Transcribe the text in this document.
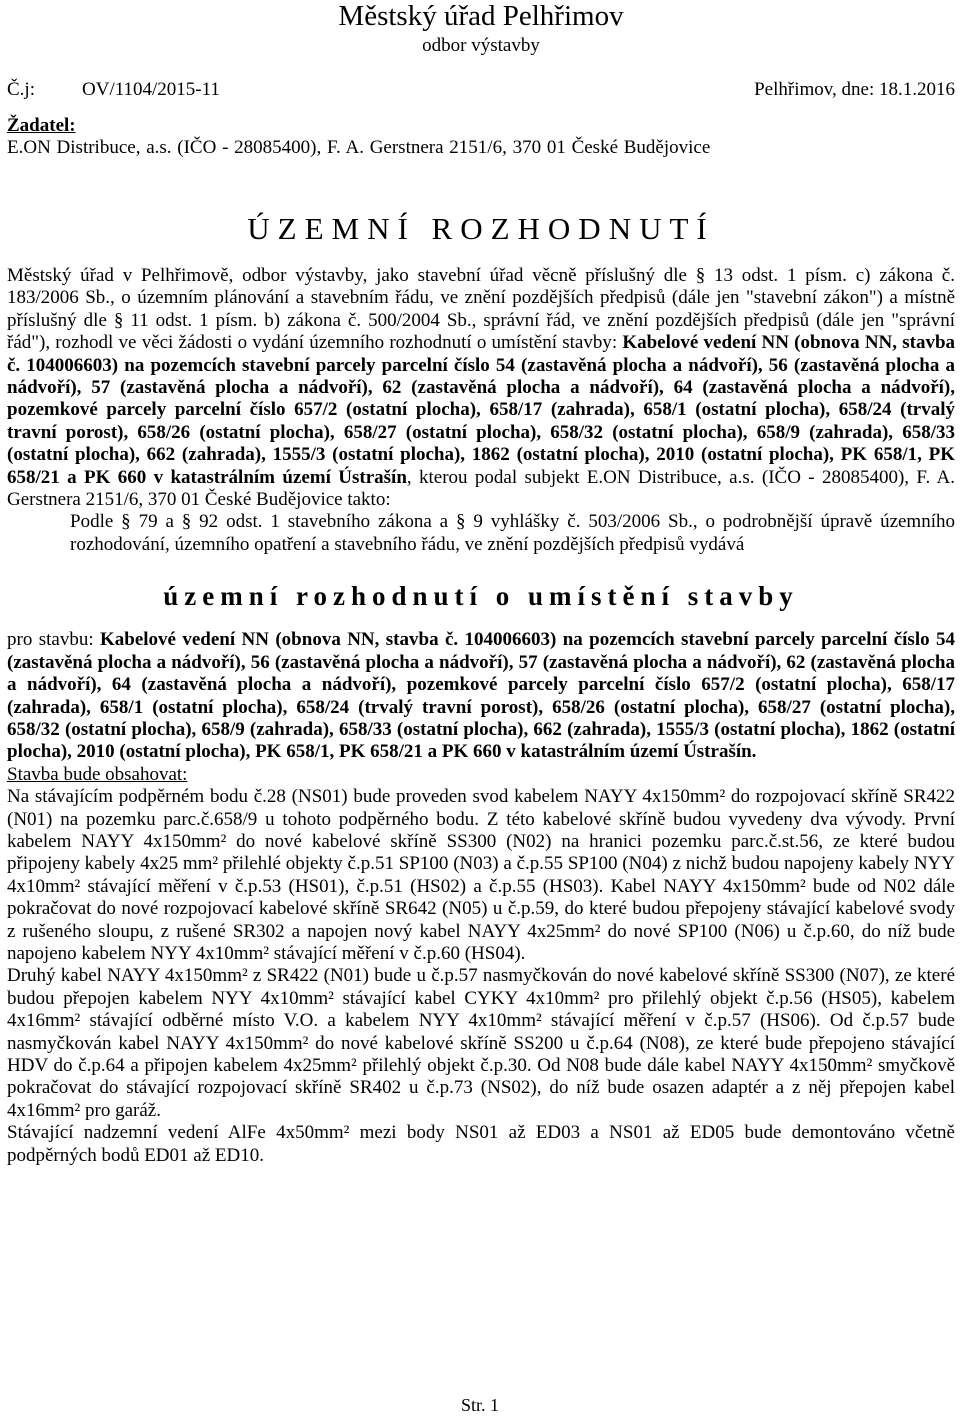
Městský úřad Pelhřimov
odbor výstavby
Č.j: OV/1104/2015-11	Pelhřimov, dne: 18.1.2016
Žadatel:
E.ON Distribuce, a.s. (IČO - 28085400), F. A. Gerstnera 2151/6, 370 01 České Budějovice
ÚZEMNÍ ROZHODNUTÍ
Městský úřad v Pelhřimově, odbor výstavby, jako stavební úřad věcně příslušný dle § 13 odst. 1 písm. c) zákona č. 183/2006 Sb., o územním plánování a stavebním řádu, ve znění pozdějších předpisů (dále jen "stavební zákon") a místně příslušný dle § 11 odst. 1 písm. b) zákona č. 500/2004 Sb., správní řád, ve znění pozdějších předpisů (dále jen "správní řád"), rozhodl ve věci žádosti o vydání územního rozhodnutí o umístění stavby: Kabelové vedení NN (obnova NN, stavba č. 104006603) na pozemcích stavební parcely parcelní číslo 54 (zastavěná plocha a nádvoří), 56 (zastavěná plocha a nádvoří), 57 (zastavěná plocha a nádvoří), 62 (zastavěná plocha a nádvoří), 64 (zastavěná plocha a nádvoří), pozemkové parcely parcelní číslo 657/2 (ostatní plocha), 658/17 (zahrada), 658/1 (ostatní plocha), 658/24 (trvalý travní porost), 658/26 (ostatní plocha), 658/27 (ostatní plocha), 658/32 (ostatní plocha), 658/9 (zahrada), 658/33 (ostatní plocha), 662 (zahrada), 1555/3 (ostatní plocha), 1862 (ostatní plocha), 2010 (ostatní plocha), PK 658/1, PK 658/21 a PK 660 v katastrálním území Ústrašín, kterou podal subjekt E.ON Distribuce, a.s. (IČO - 28085400), F. A. Gerstnera 2151/6, 370 01 České Budějovice takto:
Podle § 79 a § 92 odst. 1 stavebního zákona a § 9 vyhlášky č. 503/2006 Sb., o podrobnější úpravě územního rozhodování, územního opatření a stavebního řádu, ve znění pozdějších předpisů vydává
územní rozhodnutí o umístění stavby
pro stavbu: Kabelové vedení NN (obnova NN, stavba č. 104006603) na pozemcích stavební parcely parcelní číslo 54 (zastavěná plocha a nádvoří), 56 (zastavěná plocha a nádvoří), 57 (zastavěná plocha a nádvoří), 62 (zastavěná plocha a nádvoří), 64 (zastavěná plocha a nádvoří), pozemkové parcely parcelní číslo 657/2 (ostatní plocha), 658/17 (zahrada), 658/1 (ostatní plocha), 658/24 (trvalý travní porost), 658/26 (ostatní plocha), 658/27 (ostatní plocha), 658/32 (ostatní plocha), 658/9 (zahrada), 658/33 (ostatní plocha), 662 (zahrada), 1555/3 (ostatní plocha), 1862 (ostatní plocha), 2010 (ostatní plocha), PK 658/1, PK 658/21 a PK 660 v katastrálním území Ústrašín.
Stavba bude obsahovat:
Na stávajícím podpěrném bodu č.28 (NS01) bude proveden svod kabelem NAYY 4x150mm² do rozpojovací skříně SR422 (N01) na pozemku parc.č.658/9 u tohoto podpěrného bodu. Z této kabelové skříně budou vyvedeny dva vývody. První kabelem NAYY 4x150mm² do nové kabelové skříně SS300 (N02) na hranici pozemku parc.č.st.56, ze které budou připojeny kabely 4x25 mm² přilehlé objekty č.p.51 SP100 (N03) a č.p.55 SP100 (N04) z nichž budou napojeny kabely NYY 4x10mm² stávající měření v č.p.53 (HS01), č.p.51 (HS02) a č.p.55 (HS03). Kabel NAYY 4x150mm² bude od N02 dále pokračovat do nové rozpojovací kabelové skříně SR642 (N05) u č.p.59, do které budou přepojeny stávající kabelové svody z rušeného sloupu, z rušené SR302 a napojen nový kabel NAYY 4x25mm² do nové SP100 (N06) u č.p.60, do níž bude napojeno kabelem NYY 4x10mm² stávající měření v č.p.60 (HS04).
Druhý kabel NAYY 4x150mm² z SR422 (N01) bude u č.p.57 nasmyčkován do nové kabelové skříně SS300 (N07), ze které budou přepojen kabelem NYY 4x10mm² stávající kabel CYKY 4x10mm² pro přilehlý objekt č.p.56 (HS05), kabelem 4x16mm² stávající odběrné místo V.O. a kabelem NYY 4x10mm² stávající měření v č.p.57 (HS06). Od č.p.57 bude nasmyčkován kabel NAYY 4x150mm² do nové kabelové skříně SS200 u č.p.64 (N08), ze které bude přepojeno stávající HDV do č.p.64 a připojen kabelem 4x25mm² přilehlý objekt č.p.30. Od N08 bude dále kabel NAYY 4x150mm² smyčkově pokračovat do stávající rozpojovací skříně SR402 u č.p.73 (NS02), do níž bude osazen adaptér a z něj přepojen kabel 4x16mm² pro garáž.
Stávající nadzemní vedení AlFe 4x50mm² mezi body NS01 až ED03 a NS01 až ED05 bude demontováno včetně podpěrných bodů ED01 až ED10.
Str. 1
